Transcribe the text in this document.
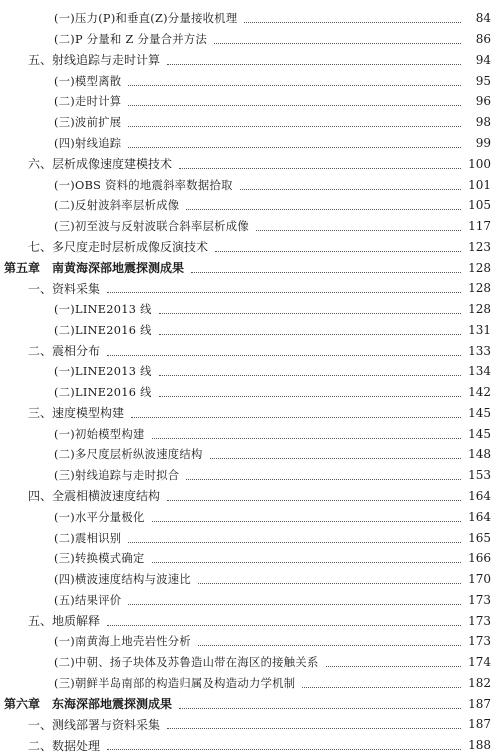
(一)压力(P)和垂直(Z)分量接收机理	84
(二)P 分量和 Z 分量合并方法	86
五、射线追踪与走时计算	94
(一)模型离散	95
(二)走时计算	96
(三)波前扩展	98
(四)射线追踪	99
六、层析成像速度建模技术	100
(一)OBS 资料的地震斜率数据拾取	101
(二)反射波斜率层析成像	105
(三)初至波与反射波联合斜率层析成像	117
七、多尺度走时层析成像反演技术	123
第五章　南黄海深部地震探测成果	128
一、资料采集	128
(一)LINE2013 线	128
(二)LINE2016 线	131
二、震相分布	133
(一)LINE2013 线	134
(二)LINE2016 线	142
三、速度模型构建	145
(一)初始模型构建	145
(二)多尺度层析纵波速度结构	148
(三)射线追踪与走时拟合	153
四、全震相横波速度结构	164
(一)水平分量极化	164
(二)震相识别	165
(三)转换模式确定	166
(四)横波速度结构与波速比	170
(五)结果评价	173
五、地质解释	173
(一)南黄海上地壳岩性分析	173
(二)中朝、扬子块体及苏鲁造山带在海区的接触关系	174
(三)朝鲜半岛南部的构造归属及构造动力学机制	182
第六章　东海深部地震探测成果	187
一、测线部署与资料采集	187
二、数据处理	188
